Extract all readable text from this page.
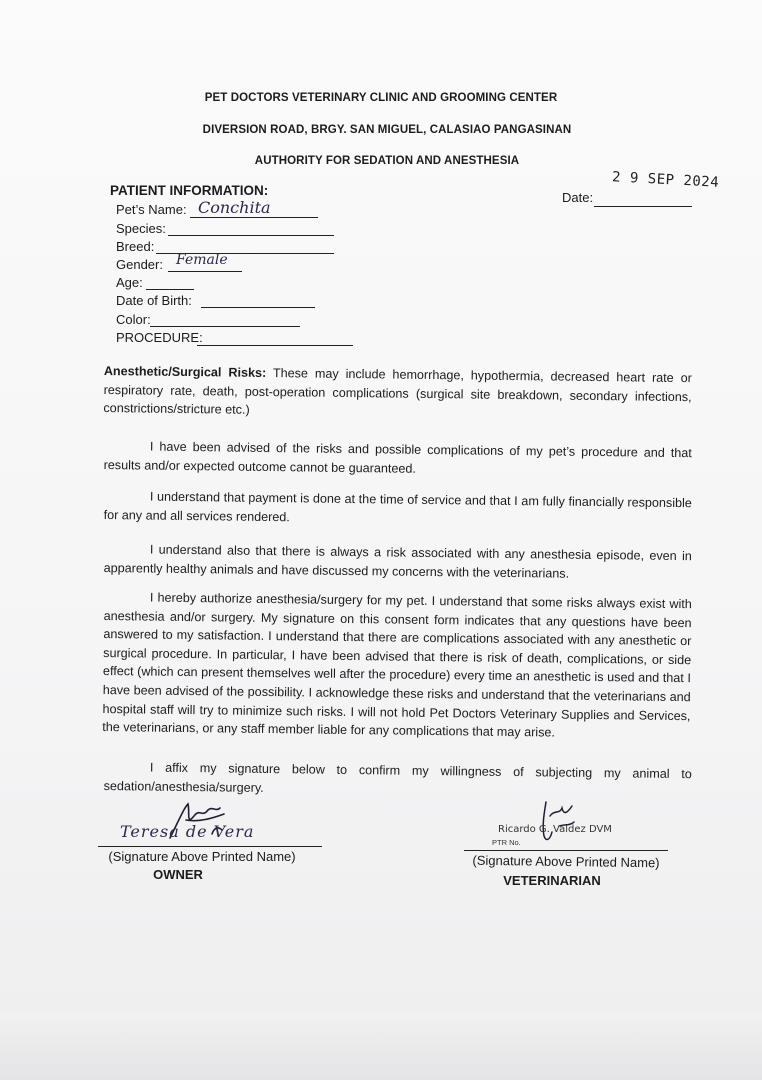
PET DOCTORS VETERINARY CLINIC AND GROOMING CENTER
DIVERSION ROAD, BRGY. SAN MIGUEL, CALASIAO PANGASINAN
AUTHORITY FOR SEDATION AND ANESTHESIA
PATIENT INFORMATION:
Pet’s Name: Conchita
Species:
Breed:
Gender: Female
Age:
Date of Birth:
Color:
PROCEDURE:
2 9 SEP 2024
Date:
Anesthetic/Surgical Risks: These may include hemorrhage, hypothermia, decreased heart rate or respiratory rate, death, post-operation complications (surgical site breakdown, secondary infections, constrictions/stricture etc.)
I have been advised of the risks and possible complications of my pet’s procedure and that results and/or expected outcome cannot be guaranteed.
I understand that payment is done at the time of service and that I am fully financially responsible for any and all services rendered.
I understand also that there is always a risk associated with any anesthesia episode, even in apparently healthy animals and have discussed my concerns with the veterinarians.
I hereby authorize anesthesia/surgery for my pet. I understand that some risks always exist with anesthesia and/or surgery. My signature on this consent form indicates that any questions have been answered to my satisfaction. I understand that there are complications associated with any anesthetic or surgical procedure. In particular, I have been advised that there is risk of death, complications, or side effect (which can present themselves well after the procedure) every time an anesthetic is used and that I have been advised of the possibility. I acknowledge these risks and understand that the veterinarians and hospital staff will try to minimize such risks. I will not hold Pet Doctors Veterinary Supplies and Services, the veterinarians, or any staff member liable for any complications that may arise.
I affix my signature below to confirm my willingness of subjecting my animal to sedation/anesthesia/surgery.
Teresa de Vera
(Signature Above Printed Name)
OWNER
Ricardo G. Valdez DVM
PTR No.
(Signature Above Printed Name)
VETERINARIAN
